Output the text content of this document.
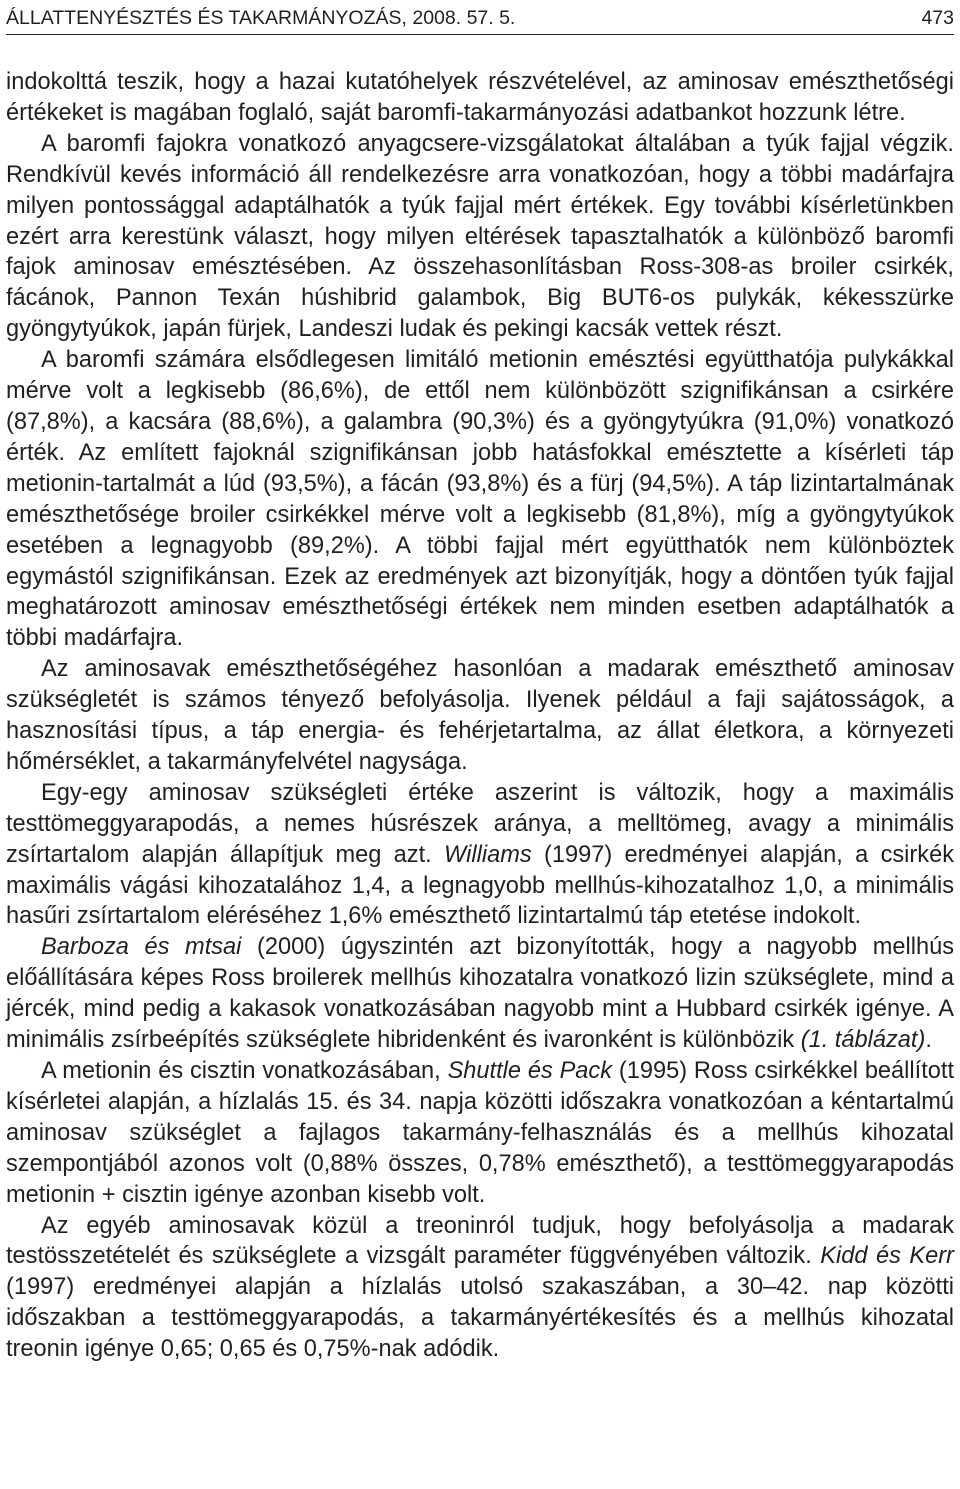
ÁLLATTENYÉSZTÉS ÉS TAKARMÁNYOZÁS, 2008. 57. 5.	473

indokolttá teszik, hogy a hazai kutatóhelyek részvételével, az aminosav emészthetőségi értékeket is magában foglaló, saját baromfi-takarmányozási adatbankot hozzunk létre.

A baromfi fajokra vonatkozó anyagcsere-vizsgálatokat általában a tyúk fajjal végzik. Rendkívül kevés információ áll rendelkezésre arra vonatkozóan, hogy a többi madárfajra milyen pontossággal adaptálhatók a tyúk fajjal mért értékek. Egy további kísérletünkben ezért arra kerestünk választ, hogy milyen eltérések tapasztalhatók a különböző baromfi fajok aminosav emésztésében. Az összehasonlításban Ross-308-as broiler csirkék, fácánok, Pannon Texán húshibrid galambok, Big BUT6-os pulykák, kékesszürke gyöngytyúkok, japán fürjek, Landeszi ludak és pekingi kacsák vettek részt.

A baromfi számára elsődlegesen limitáló metionin emésztési együtthatója pulykákkal mérve volt a legkisebb (86,6%), de ettől nem különbözött szignifikánsan a csirkére (87,8%), a kacsára (88,6%), a galambra (90,3%) és a gyöngytyúkra (91,0%) vonatkozó érték. Az említett fajoknál szignifikánsan jobb hatásfokkal emésztette a kísérleti táp metionin-tartalmát a lúd (93,5%), a fácán (93,8%) és a fürj (94,5%). A táp lizintartalmának emészthetősége broiler csirkékkel mérve volt a legkisebb (81,8%), míg a gyöngytyúkok esetében a legnagyobb (89,2%). A többi fajjal mért együtthatók nem különböztek egymástól szignifikánsan. Ezek az eredmények azt bizonyítják, hogy a döntően tyúk fajjal meghatározott aminosav emészthetőségi értékek nem minden esetben adaptálhatók a többi madárfajra.

Az aminosavak emészthetőségéhez hasonlóan a madarak emészthető aminosav szükségletét is számos tényező befolyásolja. Ilyenek például a faji sajátosságok, a hasznosítási típus, a táp energia- és fehérjetartalma, az állat életkora, a környezeti hőmérséklet, a takarmányfelvétel nagysága.

Egy-egy aminosav szükségleti értéke aszerint is változik, hogy a maximális testtömeggyarapodás, a nemes húsrészek aránya, a melltömeg, avagy a minimális zsírtartalom alapján állapítjuk meg azt. Williams (1997) eredményei alapján, a csirkék maximális vágási kihozatalához 1,4, a legnagyobb mellhús-kihozatalhoz 1,0, a minimális hasűri zsírtartalom eléréséhez 1,6% emészthető lizintartalmú táp etetése indokolt.

Barboza és mtsai (2000) úgyszintén azt bizonyították, hogy a nagyobb mellhús előállítására képes Ross broilerek mellhús kihozatalra vonatkozó lizin szükséglete, mind a jércék, mind pedig a kakasok vonatkozásában nagyobb mint a Hubbard csirkék igénye. A minimális zsírbeépítés szükséglete hibridenként és ivaronként is különbözik (1. táblázat).

A metionin és cisztin vonatkozásában, Shuttle és Pack (1995) Ross csirkékkel beállított kísérletei alapján, a hízlalás 15. és 34. napja közötti időszakra vonatkozóan a kéntartalmú aminosav szükséglet a fajlagos takarmány-felhasználás és a mellhús kihozatal szempontjából azonos volt (0,88% összes, 0,78% emészthető), a testtömeggyarapodás metionin + cisztin igénye azonban kisebb volt.

Az egyéb aminosavak közül a treoninról tudjuk, hogy befolyásolja a madarak testösszetételét és szükséglete a vizsgált paraméter függvényében változik. Kidd és Kerr (1997) eredményei alapján a hízlalás utolsó szakaszában, a 30–42. nap közötti időszakban a testtömeggyarapodás, a takarmányértékesítés és a mellhús kihozatal treonin igénye 0,65; 0,65 és 0,75%-nak adódik.
